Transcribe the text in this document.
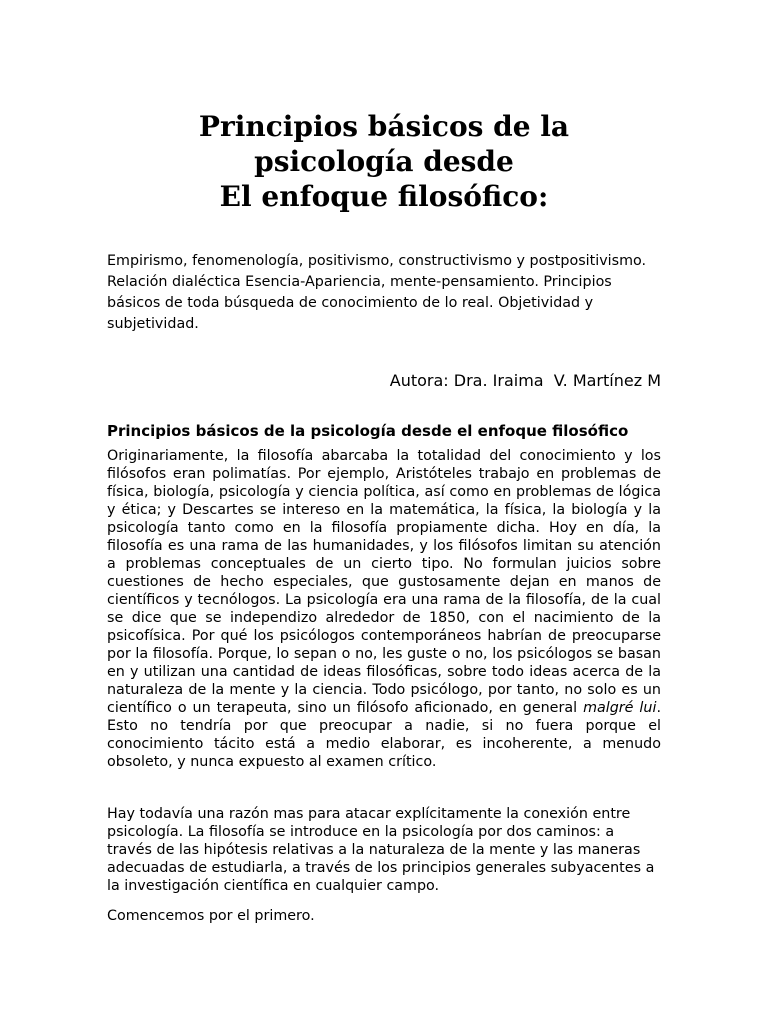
Principios básicos de la
psicología desde
El enfoque filosófico:

Empirismo, fenomenología, positivismo, constructivismo y postpositivismo. Relación dialéctica Esencia-Apariencia, mente-pensamiento. Principios básicos de toda búsqueda de conocimiento de lo real. Objetividad y subjetividad.

Autora: Dra. Iraima  V. Martínez M

Principios básicos de la psicología desde el enfoque filosófico

Originariamente, la filosofía abarcaba la totalidad del conocimiento y los filósofos eran polimatías. Por ejemplo, Aristóteles trabajo en problemas de física, biología, psicología y ciencia política, así como en problemas de lógica y ética; y Descartes se intereso en la matemática, la física, la biología y la psicología tanto como en la filosofía propiamente dicha. Hoy en día, la filosofía es una rama de las humanidades, y los filósofos limitan su atención a problemas conceptuales de un cierto tipo. No formulan juicios sobre cuestiones de hecho especiales, que gustosamente dejan en manos de científicos y tecnólogos. La psicología era una rama de la filosofía, de la cual se dice que se independizo alrededor de 1850, con el nacimiento de la psicofísica. Por qué los psicólogos contemporáneos habrían de preocuparse por la filosofía. Porque, lo sepan o no, les guste o no, los psicólogos se basan en y utilizan una cantidad de ideas filosóficas, sobre todo ideas acerca de la naturaleza de la mente y la ciencia. Todo psicólogo, por tanto, no solo es un científico o un terapeuta, sino un filósofo aficionado, en general malgré lui. Esto no tendría por que preocupar a nadie, si no fuera porque el conocimiento tácito está a medio elaborar, es incoherente, a menudo obsoleto, y nunca expuesto al examen crítico.

Hay todavía una razón mas para atacar explícitamente la conexión entre psicología. La filosofía se introduce en la psicología por dos caminos: a través de las hipótesis relativas a la naturaleza de la mente y las maneras adecuadas de estudiarla, a través de los principios generales subyacentes a la investigación científica en cualquier campo.

Comencemos por el primero.
